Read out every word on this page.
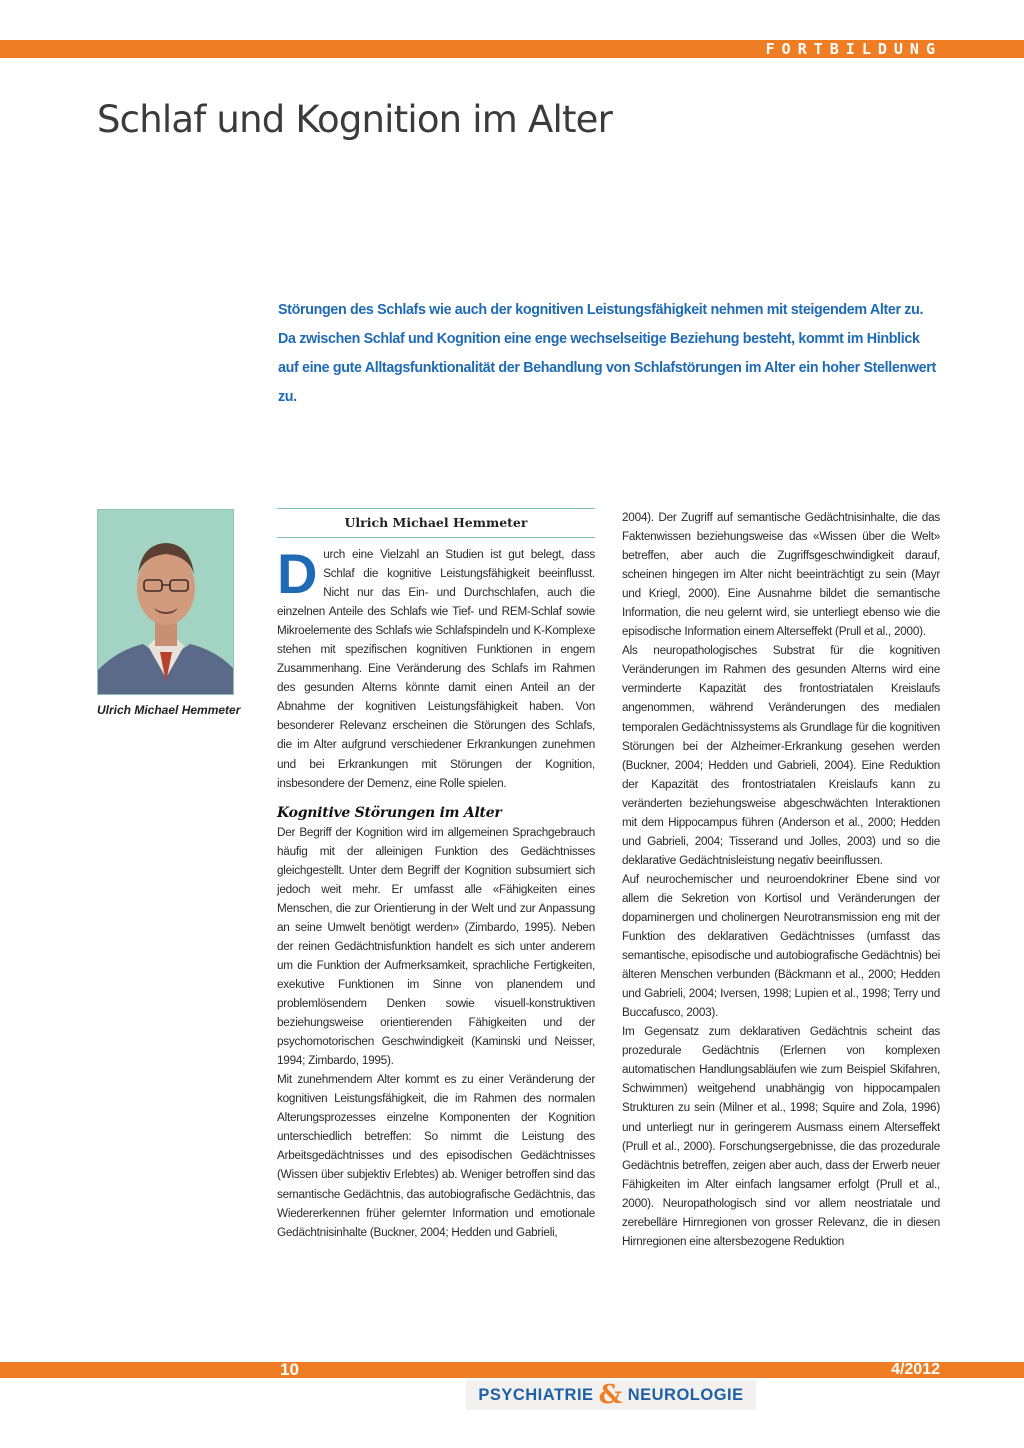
FORTBILDUNG
Schlaf und Kognition im Alter

Störungen des Schlafs wie auch der kognitiven Leistungsfähigkeit nehmen mit steigendem Alter zu. Da zwischen Schlaf und Kognition eine enge wechselseitige Beziehung besteht, kommt im Hinblick auf eine gute Alltagsfunktionalität der Behandlung von Schlafstörungen im Alter ein hoher Stellenwert zu.

Ulrich Michael Hemmeter
Ulrich Michael Hemmeter

Durch eine Vielzahl an Studien ist gut belegt, dass Schlaf die kognitive Leistungsfähigkeit beeinflusst. Nicht nur das Ein- und Durchschlafen, auch die einzelnen Anteile des Schlafs wie Tief- und REM-Schlaf sowie Mikroelemente des Schlafs wie Schlafspindeln und K-Komplexe stehen mit spezifischen kognitiven Funktionen in engem Zusammenhang. Eine Veränderung des Schlafs im Rahmen des gesunden Alterns könnte damit einen Anteil an der Abnahme der kognitiven Leistungsfähigkeit haben. Von besonderer Relevanz erscheinen die Störungen des Schlafs, die im Alter aufgrund verschiedener Erkrankungen zunehmen und bei Erkrankungen mit Störungen der Kognition, insbesondere der Demenz, eine Rolle spielen.

Kognitive Störungen im Alter

Der Begriff der Kognition wird im allgemeinen Sprachgebrauch häufig mit der alleinigen Funktion des Gedächtnisses gleichgestellt. Unter dem Begriff der Kognition subsumiert sich jedoch weit mehr. Er umfasst alle «Fähigkeiten eines Menschen, die zur Orientierung in der Welt und zur Anpassung an seine Umwelt benötigt werden» (Zimbardo, 1995). Neben der reinen Gedächtnisfunktion handelt es sich unter anderem um die Funktion der Aufmerksamkeit, sprachliche Fertigkeiten, exekutive Funktionen im Sinne von planendem und problemlösendem Denken sowie visuell-konstruktiven beziehungsweise orientierenden Fähigkeiten und der psychomotorischen Geschwindigkeit (Kaminski und Neisser, 1994; Zimbardo, 1995).

Mit zunehmendem Alter kommt es zu einer Veränderung der kognitiven Leistungsfähigkeit, die im Rahmen des normalen Alterungsprozesses einzelne Komponenten der Kognition unterschiedlich betreffen: So nimmt die Leistung des Arbeitsgedächtnisses und des episodischen Gedächtnisses (Wissen über subjektiv Erlebtes) ab. Weniger betroffen sind das semantische Gedächtnis, das autobiografische Gedächtnis, das Wiedererkennen früher gelernter Information und emotionale Gedächtnisinhalte (Buckner, 2004; Hedden und Gabrieli,

2004). Der Zugriff auf semantische Gedächtnisinhalte, die das Faktenwissen beziehungsweise das «Wissen über die Welt» betreffen, aber auch die Zugriffsgeschwindigkeit darauf, scheinen hingegen im Alter nicht beeinträchtigt zu sein (Mayr und Kriegl, 2000). Eine Ausnahme bildet die semantische Information, die neu gelernt wird, sie unterliegt ebenso wie die episodische Information einem Alterseffekt (Prull et al., 2000).

Als neuropathologisches Substrat für die kognitiven Veränderungen im Rahmen des gesunden Alterns wird eine verminderte Kapazität des frontostriatalen Kreislaufs angenommen, während Veränderungen des medialen temporalen Gedächtnissystems als Grundlage für die kognitiven Störungen bei der Alzheimer-Erkrankung gesehen werden (Buckner, 2004; Hedden und Gabrieli, 2004). Eine Reduktion der Kapazität des frontostriatalen Kreislaufs kann zu veränderten beziehungsweise abgeschwächten Interaktionen mit dem Hippocampus führen (Anderson et al., 2000; Hedden und Gabrieli, 2004; Tisserand und Jolles, 2003) und so die deklarative Gedächtnisleistung negativ beeinflussen.

Auf neurochemischer und neuroendokriner Ebene sind vor allem die Sekretion von Kortisol und Veränderungen der dopaminergen und cholinergen Neurotransmission eng mit der Funktion des deklarativen Gedächtnisses (umfasst das semantische, episodische und autobiografische Gedächtnis) bei älteren Menschen verbunden (Bäckmann et al., 2000; Hedden und Gabrieli, 2004; Iversen, 1998; Lupien et al., 1998; Terry und Buccafusco, 2003).

Im Gegensatz zum deklarativen Gedächtnis scheint das prozedurale Gedächtnis (Erlernen von komplexen automatischen Handlungsabläufen wie zum Beispiel Skifahren, Schwimmen) weitgehend unabhängig von hippocampalen Strukturen zu sein (Milner et al., 1998; Squire and Zola, 1996) und unterliegt nur in geringerem Ausmass einem Alterseffekt (Prull et al., 2000). Forschungsergebnisse, die das prozedurale Gedächtnis betreffen, zeigen aber auch, dass der Erwerb neuer Fähigkeiten im Alter einfach langsamer erfolgt (Prull et al., 2000). Neuropathologisch sind vor allem neostriatale und zerebelläre Hirnregionen von grosser Relevanz, die in diesen Hirnregionen eine altersbezogene Reduktion

10	4/2012
PSYCHIATRIE & NEUROLOGIE
